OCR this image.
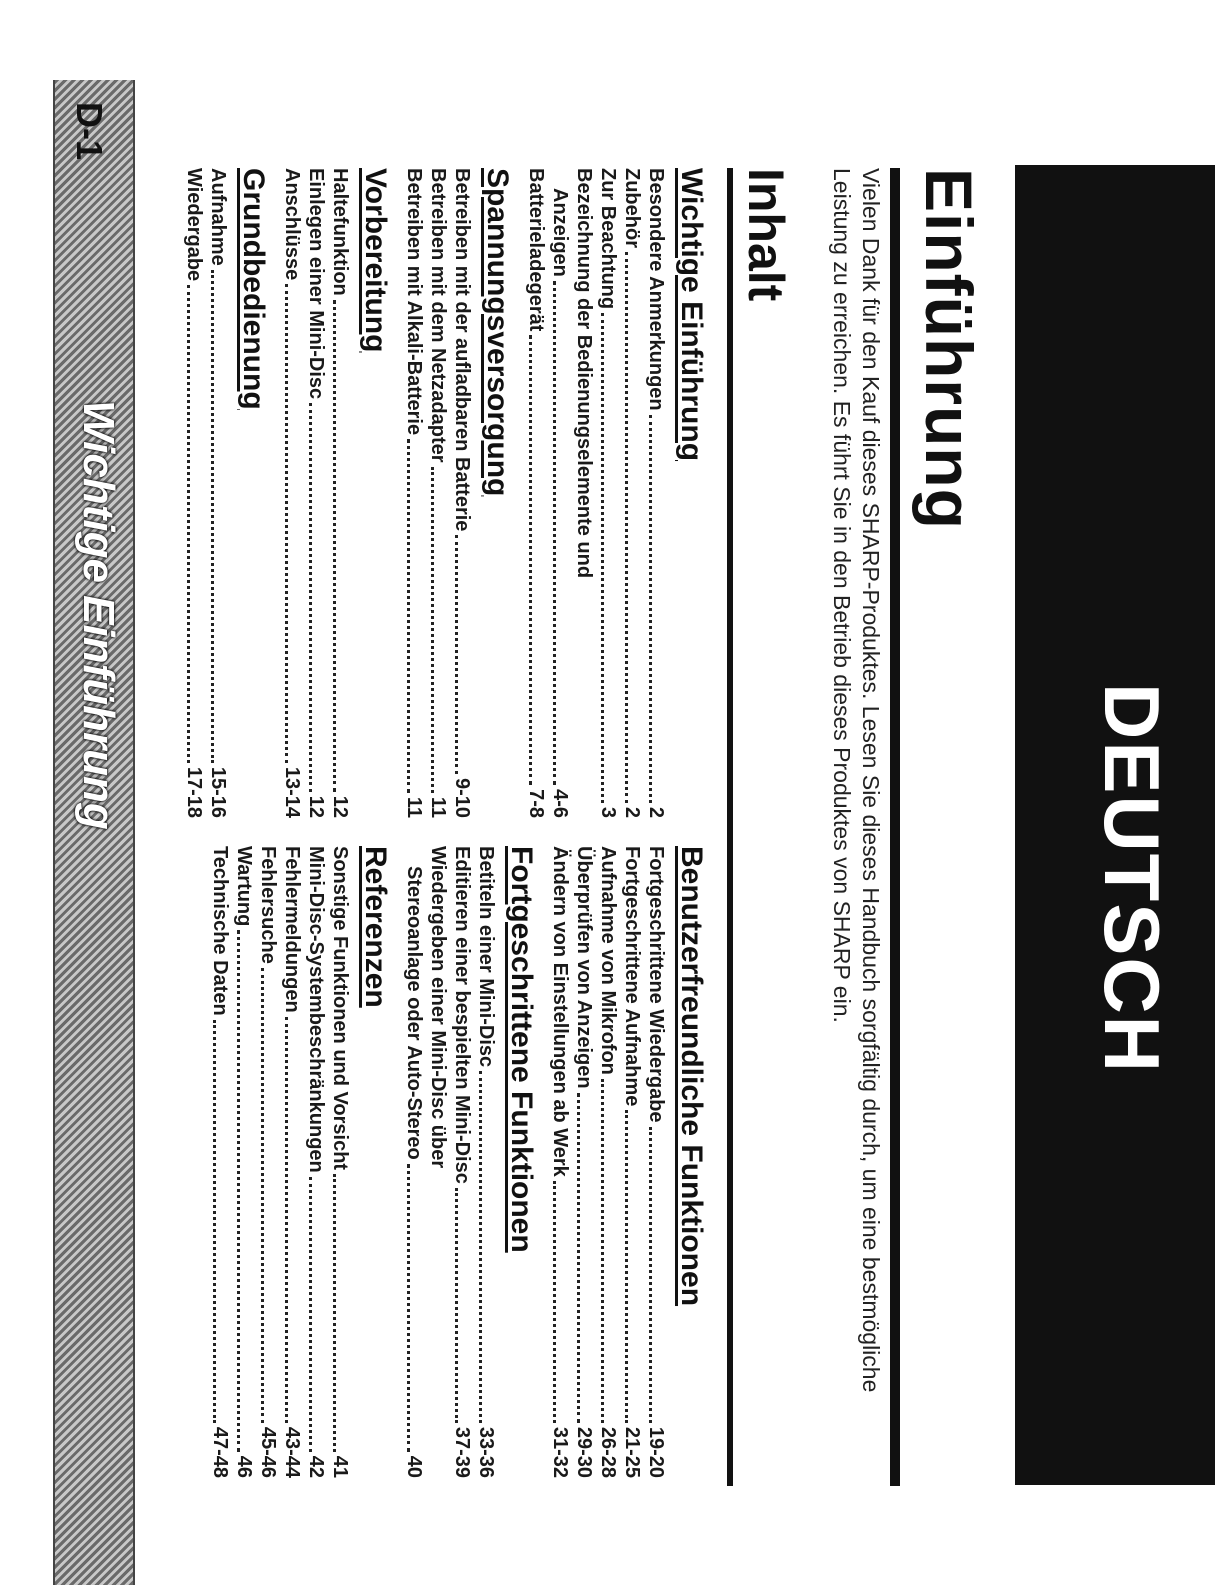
DEUTSCH
Einführung
Vielen Dank für den Kauf dieses SHARP-Produktes. Lesen Sie dieses Handbuch sorgfältig durch, um eine bestmögliche Leistung zu erreichen. Es führt Sie in den Betrieb dieses Produktes von SHARP ein.
Inhalt
Wichtige Einführung
Besondere Anmerkungen
2
Zubehör
2
Zur Beachtung
3
Bezeichnung der Bedienungselemente und
Anzeigen
4-6
Batterieladegerät
7-8
Spannungsversorgung
Betreiben mit der aufladbaren Batterie
9-10
Betreiben mit dem Netzadapter
11
Betreiben mit Alkali-Batterie
11
Vorbereitung
Haltefunktion
12
Einlegen einer Mini-Disc
12
Anschlüsse
13-14
Grundbedienung
Aufnahme
15-16
Wiedergabe
17-18
Benutzerfreundliche Funktionen
Fortgeschrittene Wiedergabe
19-20
Fortgeschrittene Aufnahme
21-25
Aufnahme von Mikrofon
26-28
Überprüfen von Anzeigen
29-30
Ändern von Einstellungen ab Werk
31-32
Fortgeschrittene Funktionen
Betiteln einer Mini-Disc
33-36
Editieren einer bespielten Mini-Disc
37-39
Wiedergeben einer Mini-Disc über
Stereoanlage oder Auto-Stereo
40
Referenzen
Sonstige Funktionen und Vorsicht
41
Mini-Disc-Systembeschränkungen
42
Fehlermeldungen
43-44
Fehlersuche
45-46
Wartung
46
Technische Daten
47-48
Wichtige Einführung
D-1
